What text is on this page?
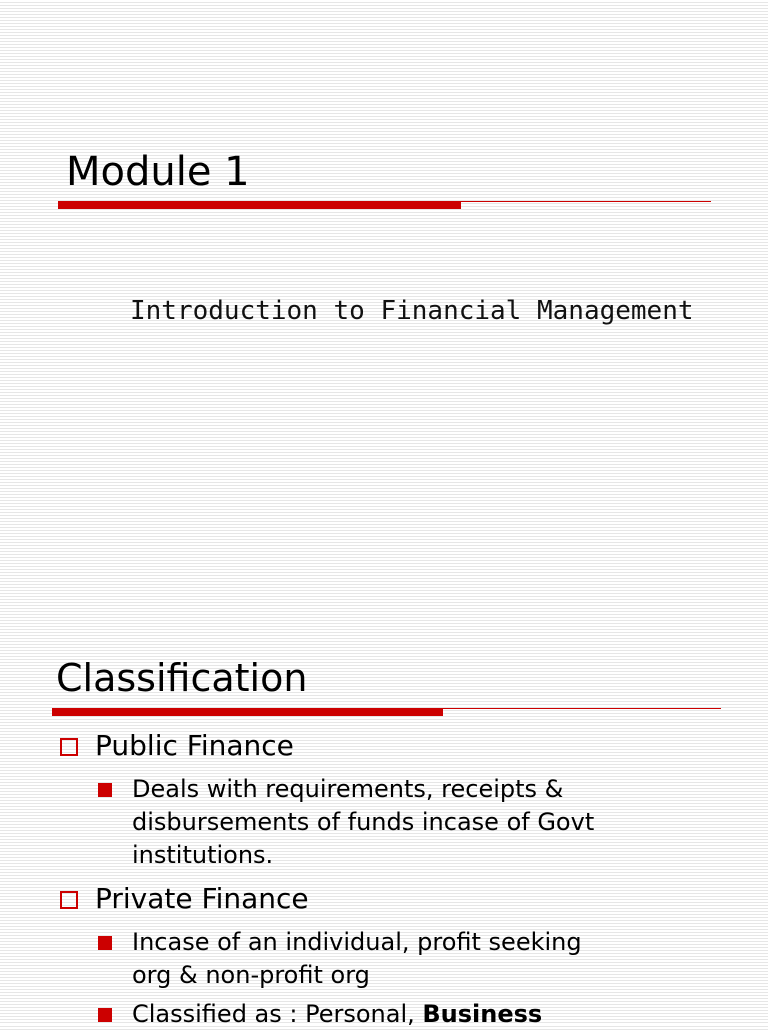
Module 1
Introduction to Financial Management
Classification
Public Finance
Deals with requirements, receipts &
disbursements of funds incase of Govt
institutions.
Private Finance
Incase of an individual, profit seeking
org & non-profit org
Classified as : Personal, Business
